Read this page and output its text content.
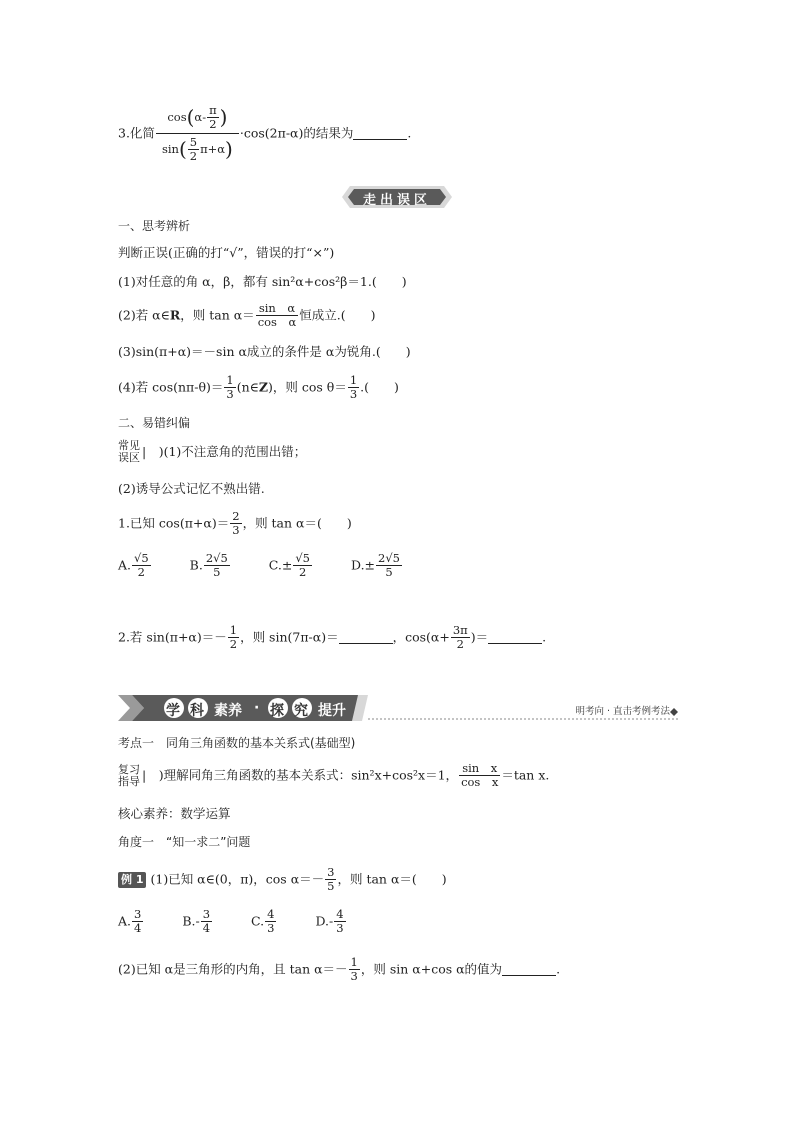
3.化简 $\frac{\cos(\alpha- \frac{\pi}{2} )}{\sin( \frac{5}{2} \pi+\alpha)} \cdot\cos(2\pi-\alpha)$的结果为	.
走出误区
一、思考辨析
判断正误(正确的打“√”，错误的打“×”)
(1)对任意的角 α，β，都有 sin²α+cos²β＝1.(　　)
(2)若 α∈R，则 $\tan \alpha= \frac{\text{sin　α}}{\text{cos　α}}$ 恒成立.(　　)
(3)sin(π+α)＝－sin α成立的条件是 α为锐角.(　　)
(4)若 $\cos(n\pi-\theta)= \frac{1}{3}$ (n∈Z)，则 $\cos \theta= \frac{1}{3}$ .(　　)
二、易错纠偏
常见
误区 |　)(1)不注意角的范围出错；
(2)诱导公式记忆不熟出错.
1.已知 $\cos(\pi+\alpha)= \frac{2}{3}$ ，则 tan α＝(　　)
A. $\frac{√5}{2}$	B. $\frac{2√5}{5}$	$C.\pm \frac{√5}{2}$	$D.\pm \frac{2√5}{5}$
2.若 $\sin(\pi+\alpha)=- \frac{1}{2}$ ，则 sin(7π-α)＝	，$\cos(\alpha+ \frac{3\pi}{2}$ )＝	.
学 科 素养 · 探 究 提升	明考向 · 直击考例考法
考点一　同角三角函数的基本关系式(基础型)
复习
指导 |　)理解同角三角函数的基本关系式：sin²x+cos²x＝1， $\frac{\text{sin　x}}{\text{cos　x}} =\tan$ x.
核心素养：数学运算
角度一　“知一求二”问题
例 1 (1)已知 α∈(0，π)，$\cos \alpha=- \frac{3}{5}$ ，则 tan α＝(　　)
A. $\frac{3}{4}$	$B.- \frac{3}{4}$	C. $\frac{4}{3}$	$D.- \frac{4}{3}$
(2)已知 α是三角形的内角，且 $\tan \alpha=- \frac{1}{3}$ ，则 sin α+cos α的值为	.
